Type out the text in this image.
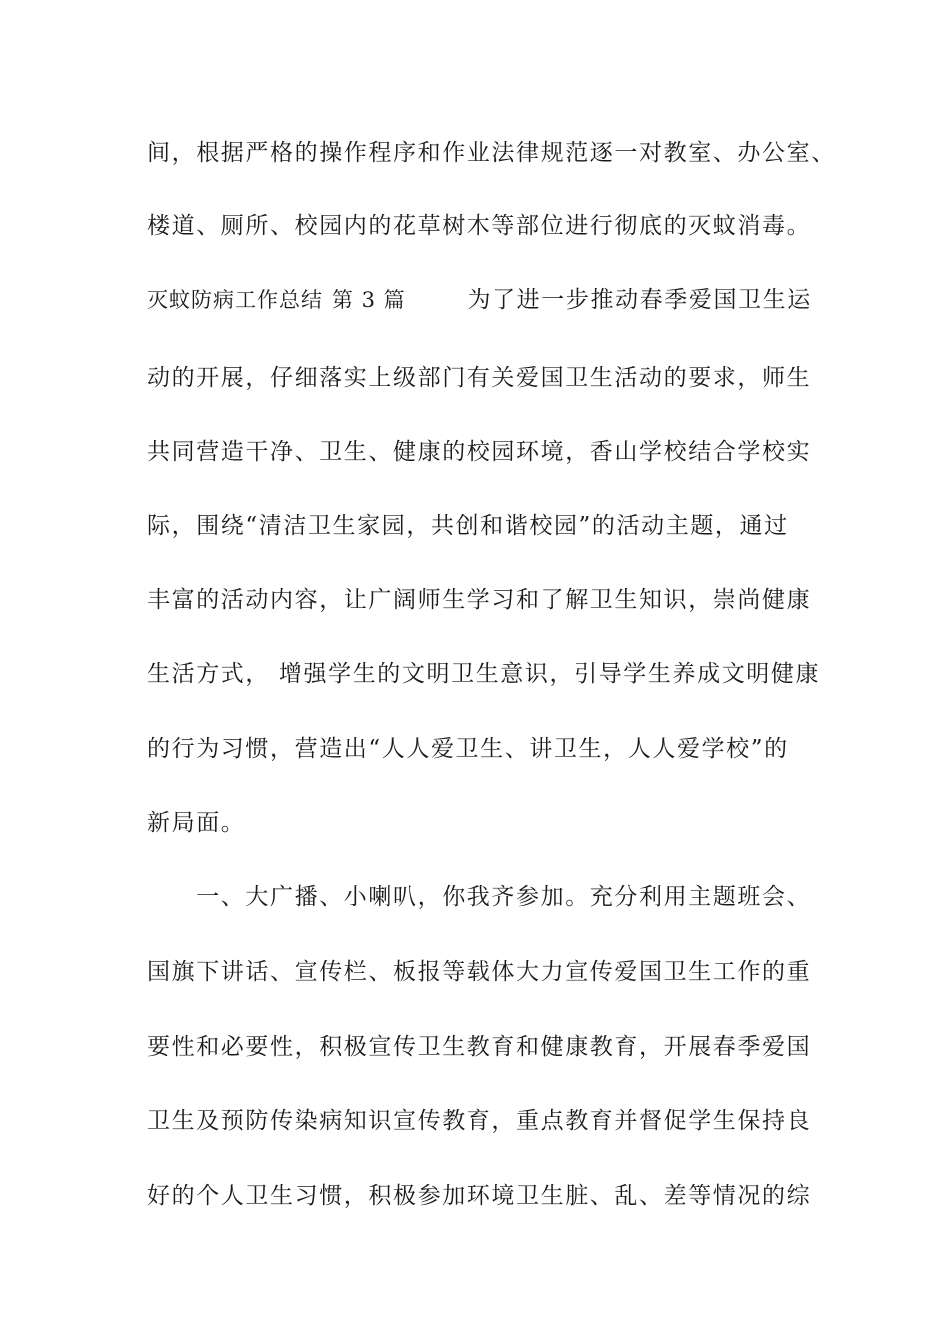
间，根据严格的操作程序和作业法律规范逐一对教室、办公室、
楼道、厕所、校园内的花草树木等部位进行彻底的灭蚊消毒。
灭蚊防病工作总结 第 3 篇	为了进一步推动春季爱国卫生运
动的开展，仔细落实上级部门有关爱国卫生活动的要求，师生
共同营造干净、卫生、健康的校园环境，香山学校结合学校实
际，围绕“清洁卫生家园，共创和谐校园”的活动主题，通过
丰富的活动内容，让广阔师生学习和了解卫生知识，崇尚健康
生活方式， 增强学生的文明卫生意识，引导学生养成文明健康
的行为习惯，营造出“人人爱卫生、讲卫生，人人爱学校”的
新局面。
　　一、大广播、小喇叭，你我齐参加。充分利用主题班会、
国旗下讲话、宣传栏、板报等载体大力宣传爱国卫生工作的重
要性和必要性，积极宣传卫生教育和健康教育，开展春季爱国
卫生及预防传染病知识宣传教育，重点教育并督促学生保持良
好的个人卫生习惯，积极参加环境卫生脏、乱、差等情况的综
